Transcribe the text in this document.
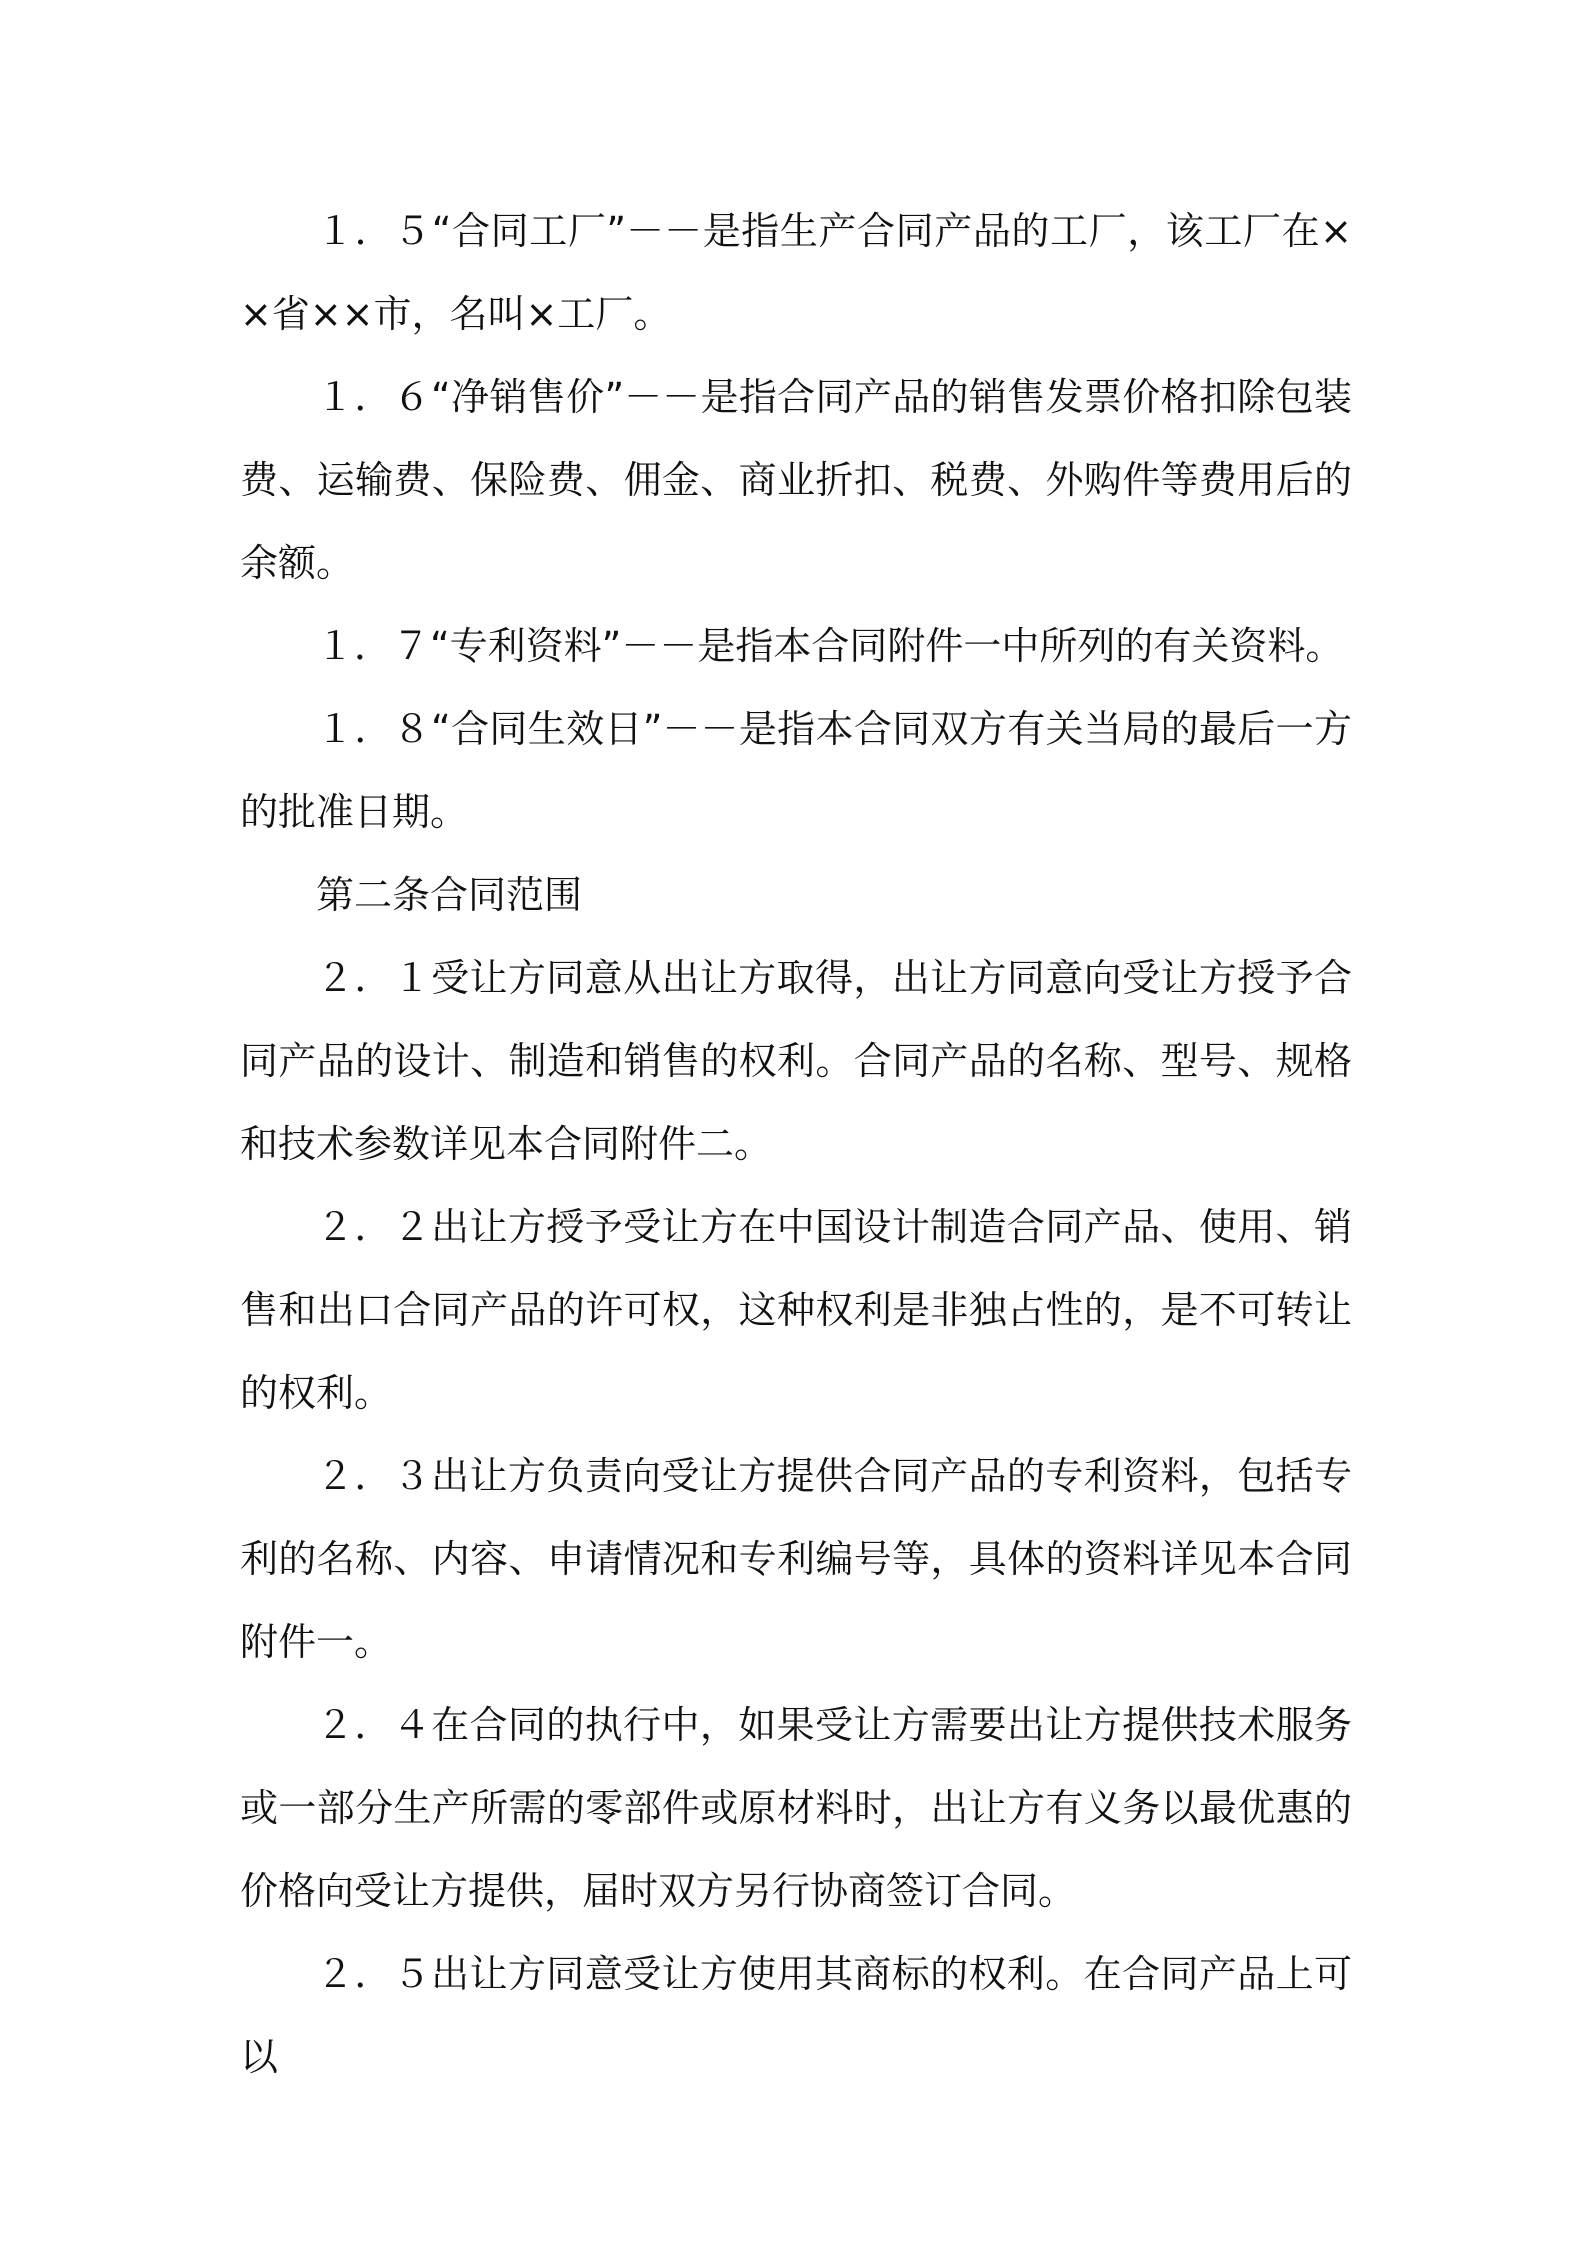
１．５“合同工厂”－－是指生产合同产品的工厂，该工厂在××省××市，名叫×工厂。

１．６“净销售价”－－是指合同产品的销售发票价格扣除包装费、运输费、保险费、佣金、商业折扣、税费、外购件等费用后的余额。

１．７“专利资料”－－是指本合同附件一中所列的有关资料。

１．８“合同生效日”－－是指本合同双方有关当局的最后一方的批准日期。

第二条合同范围

２．１受让方同意从出让方取得，出让方同意向受让方授予合同产品的设计、制造和销售的权利。合同产品的名称、型号、规格和技术参数详见本合同附件二。

２．２出让方授予受让方在中国设计制造合同产品、使用、销售和出口合同产品的许可权，这种权利是非独占性的，是不可转让的权利。

２．３出让方负责向受让方提供合同产品的专利资料，包括专利的名称、内容、申请情况和专利编号等，具体的资料详见本合同附件一。

２．４在合同的执行中，如果受让方需要出让方提供技术服务或一部分生产所需的零部件或原材料时，出让方有义务以最优惠的价格向受让方提供，届时双方另行协商签订合同。

２．５出让方同意受让方使用其商标的权利。在合同产品上可以
